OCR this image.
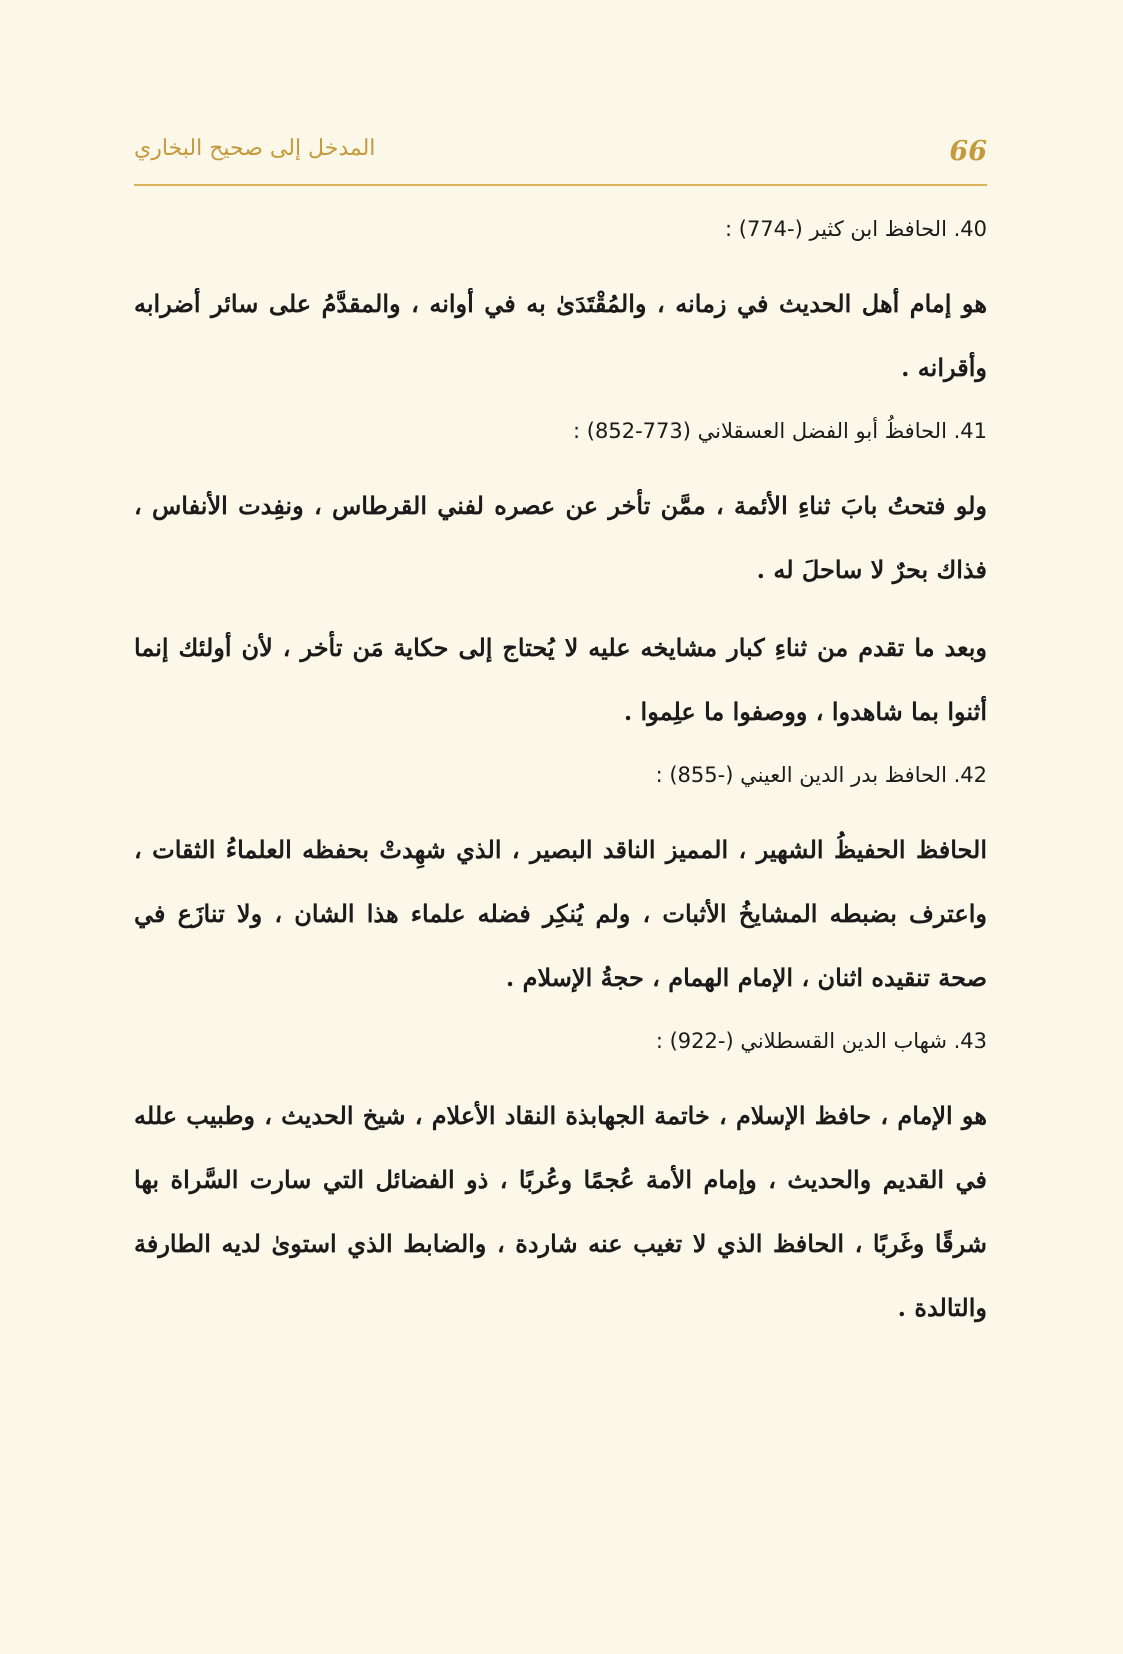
66
المدخل إلى صحيح البخاري
40. الحافظ ابن كثير (-774) :

هو إمام أهل الحديث في زمانه ، والمُقْتَدَىٰ به في أوانه ، والمقدَّمُ على سائر أضرابه وأقرانه .

41. الحافظُ أبو الفضل العسقلاني (773-852) :

ولو فتحتُ بابَ ثناءِ الأئمة ، ممَّن تأخر عن عصره لفني القرطاس ، ونفِدت الأنفاس ، فذاك بحرٌ لا ساحلَ له .

وبعد ما تقدم من ثناءِ كبار مشايخه عليه لا يُحتاج إلى حكاية مَن تأخر ، لأن أولئك إنما أثنوا بما شاهدوا ، ووصفوا ما علِموا .

42. الحافظ بدر الدين العيني (-855) :

الحافظ الحفيظُ الشهير ، المميز الناقد البصير ، الذي شهِدتْ بحفظه العلماءُ الثقات ، واعترف بضبطه المشايخُ الأثبات ، ولم يُنكِر فضله علماء هذا الشان ، ولا تنازَع في صحة تنقيده اثنان ، الإمام الهمام ، حجةُ الإسلام .

43. شهاب الدين القسطلاني (-922) :

هو الإمام ، حافظ الإسلام ، خاتمة الجهابذة النقاد الأعلام ، شيخ الحديث ، وطبيب علله في القديم والحديث ، وإمام الأمة عُجمًا وعُربًا ، ذو الفضائل التي سارت السَّراة بها شرقًا وغَربًا ، الحافظ الذي لا تغيب عنه شاردة ، والضابط الذي استوىٰ لديه الطارفة والتالدة .
